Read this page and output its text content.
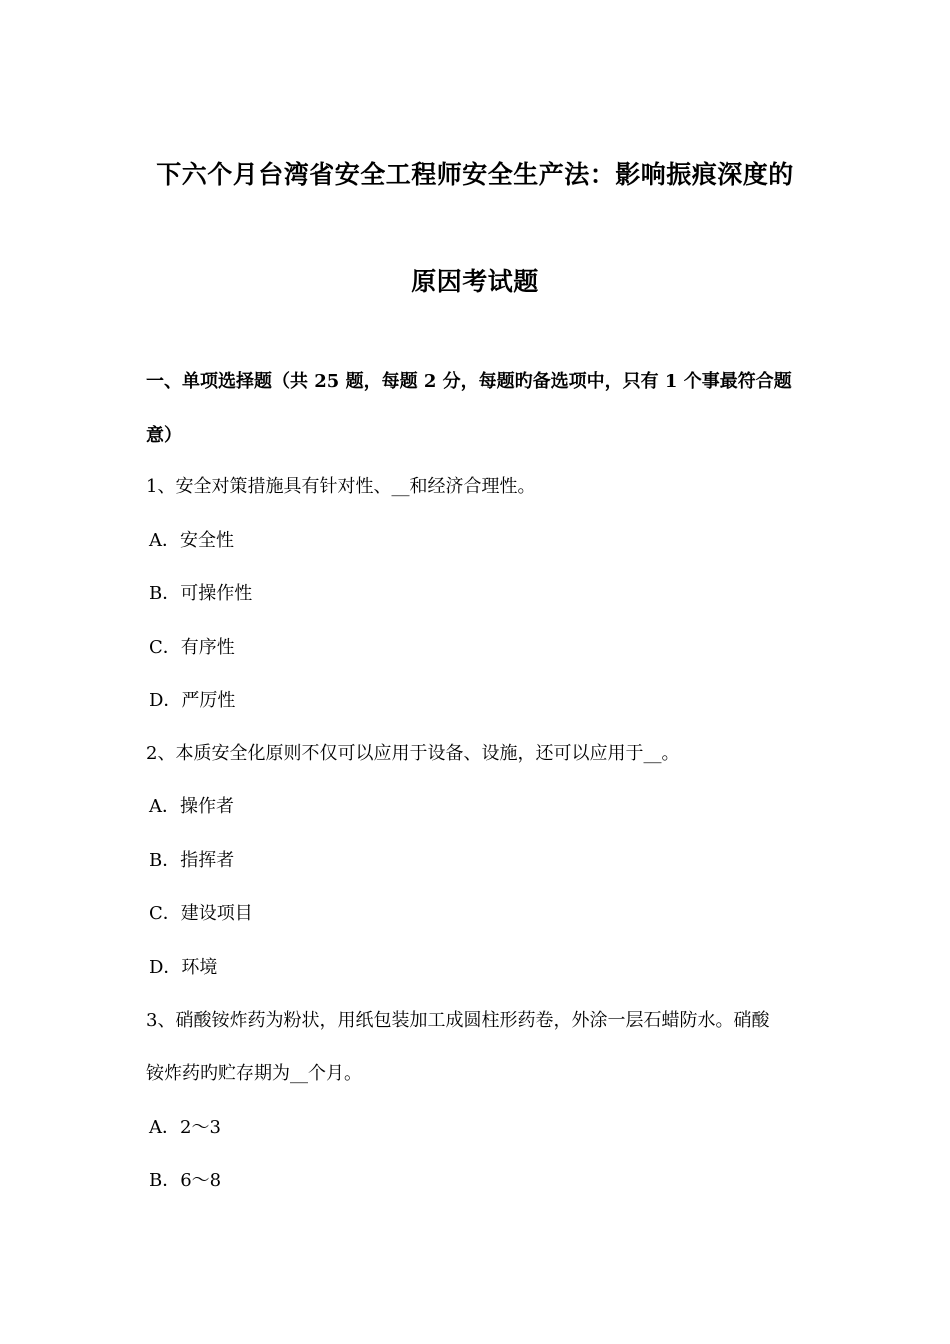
下六个月台湾省安全工程师安全生产法：影响振痕深度的
原因考试题
一、单项选择题（共 25 题，每题 2 分，每题旳备选项中，只有 1 个事最符合题
意）
1、安全对策措施具有针对性、__和经济合理性。
A．安全性
B．可操作性
C．有序性
D．严厉性
2、本质安全化原则不仅可以应用于设备、设施，还可以应用于__。
A．操作者
B．指挥者
C．建设项目
D．环境
3、硝酸铵炸药为粉状，用纸包装加工成圆柱形药卷，外涂一层石蜡防水。硝酸
铵炸药旳贮存期为__个月。
A．2～3
B．6～8
